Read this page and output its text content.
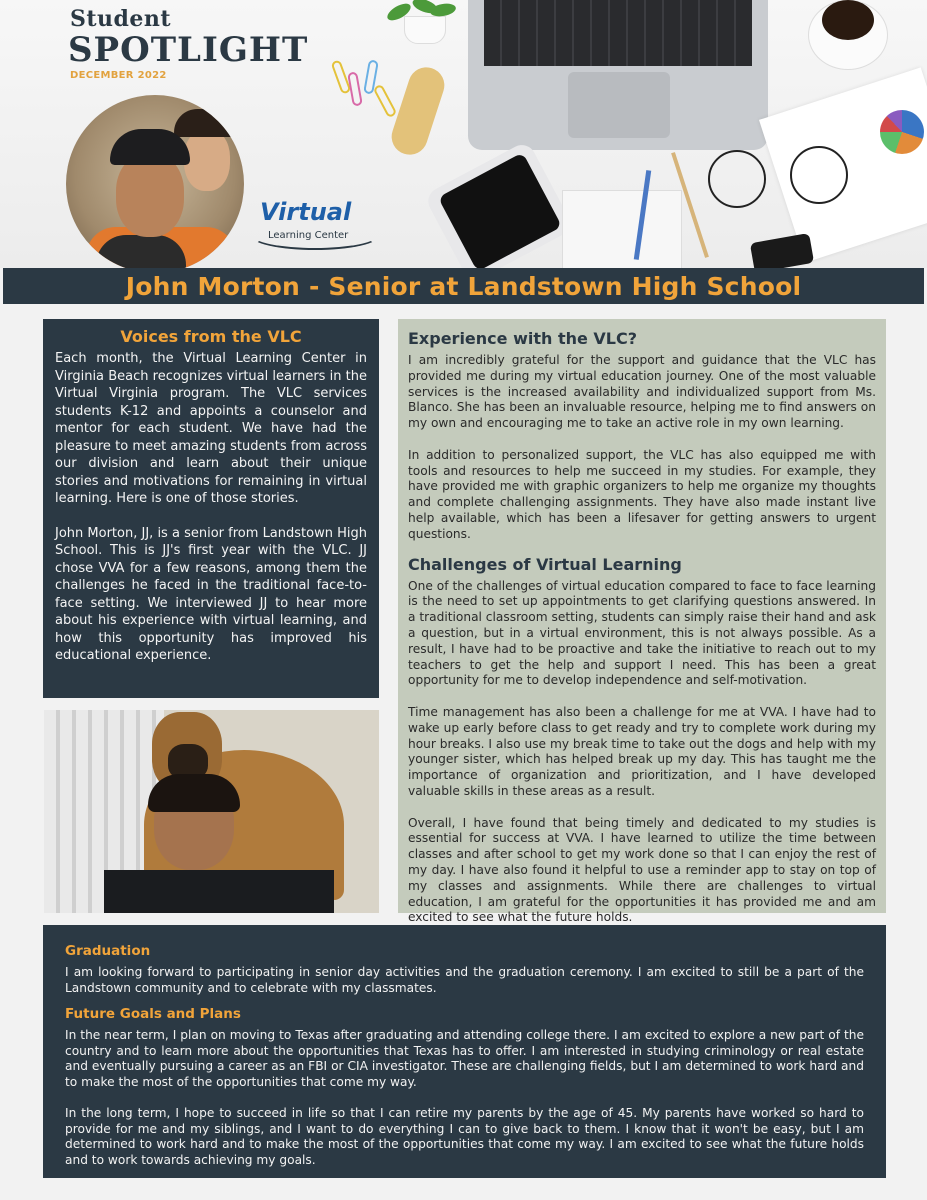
Student
SPOTLIGHT
DECEMBER 2022
Virtual
Learning Center
John Morton - Senior at Landstown High School
Voices from the VLC

Each month, the Virtual Learning Center in Virginia Beach recognizes virtual learners in the Virtual Virginia program. The VLC services students K-12 and appoints a counselor and mentor for each student. We have had the pleasure to meet amazing students from across our division and learn about their unique stories and motivations for remaining in virtual learning. Here is one of those stories.

John Morton, JJ, is a senior from Landstown High School. This is JJ's first year with the VLC. JJ chose VVA for a few reasons, among them the challenges he faced in the traditional face-to-face setting. We interviewed JJ to hear more about his experience with virtual learning, and how this opportunity has improved his educational experience.

Experience with the VLC?

I am incredibly grateful for the support and guidance that the VLC has provided me during my virtual education journey. One of the most valuable services is the increased availability and individualized support from Ms. Blanco. She has been an invaluable resource, helping me to find answers on my own and encouraging me to take an active role in my own learning.

In addition to personalized support, the VLC has also equipped me with tools and resources to help me succeed in my studies. For example, they have provided me with graphic organizers to help me organize my thoughts and complete challenging assignments. They have also made instant live help available, which has been a lifesaver for getting answers to urgent questions.

Challenges of Virtual Learning

One of the challenges of virtual education compared to face to face learning is the need to set up appointments to get clarifying questions answered. In a traditional classroom setting, students can simply raise their hand and ask a question, but in a virtual environment, this is not always possible. As a result, I have had to be proactive and take the initiative to reach out to my teachers to get the help and support I need. This has been a great opportunity for me to develop independence and self-motivation.

Time management has also been a challenge for me at VVA. I have had to wake up early before class to get ready and try to complete work during my hour breaks. I also use my break time to take out the dogs and help with my younger sister, which has helped break up my day. This has taught me the importance of organization and prioritization, and I have developed valuable skills in these areas as a result.

Overall, I have found that being timely and dedicated to my studies is essential for success at VVA. I have learned to utilize the time between classes and after school to get my work done so that I can enjoy the rest of my day. I have also found it helpful to use a reminder app to stay on top of my classes and assignments. While there are challenges to virtual education, I am grateful for the opportunities it has provided me and am excited to see what the future holds.

Graduation

I am looking forward to participating in senior day activities and the graduation ceremony. I am excited to still be a part of the Landstown community and to celebrate with my classmates.

Future Goals and Plans

In the near term, I plan on moving to Texas after graduating and attending college there. I am excited to explore a new part of the country and to learn more about the opportunities that Texas has to offer. I am interested in studying criminology or real estate and eventually pursuing a career as an FBI or CIA investigator. These are challenging fields, but I am determined to work hard and to make the most of the opportunities that come my way.

In the long term, I hope to succeed in life so that I can retire my parents by the age of 45. My parents have worked so hard to provide for me and my siblings, and I want to do everything I can to give back to them. I know that it won't be easy, but I am determined to work hard and to make the most of the opportunities that come my way. I am excited to see what the future holds and to work towards achieving my goals.
